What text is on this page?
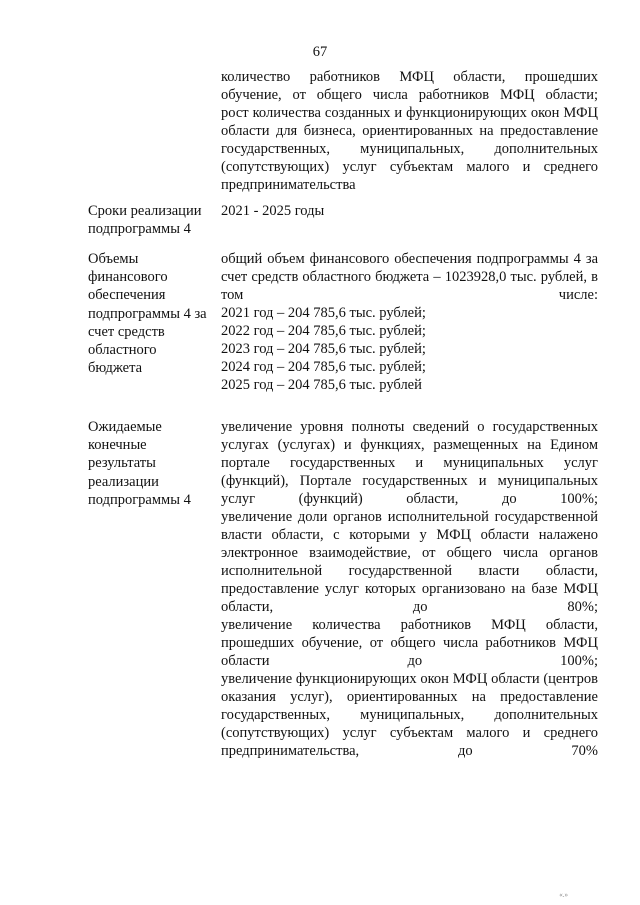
67

количество работников МФЦ области, прошедших обучение, от общего числа работников МФЦ области;

рост количества созданных и функционирующих окон МФЦ области для бизнеса, ориентированных на предоставление государственных, муниципальных, дополнительных (сопутствующих) услуг субъектам малого и среднего предпринимательства

Сроки реализации
подпрограммы 4
2021 - 2025 годы
Объемы
финансового
обеспечения
подпрограммы 4 за
счет средств
областного
бюджета

общий объем финансового обеспечения подпрограммы 4 за счет средств областного бюджета – 1023928,0 тыс. рублей, в том числе:

2021 год – 204 785,6 тыс. рублей;
2022 год – 204 785,6 тыс. рублей;
2023 год – 204 785,6 тыс. рублей;
2024 год – 204 785,6 тыс. рублей;
2025 год – 204 785,6 тыс. рублей
Ожидаемые
конечные
результаты
реализации
подпрограммы 4

увеличение уровня полноты сведений о государственных услугах (услугах) и функциях, размещенных на Едином портале государственных и муниципальных услуг (функций), Портале государственных и муниципальных услуг (функций) области, до 100%;

увеличение доли органов исполнительной государственной власти области, с которыми у МФЦ области налажено электронное взаимодействие, от общего числа органов исполнительной государственной власти области, предоставление услуг которых организовано на базе МФЦ области, до 80%;

увеличение количества работников МФЦ области, прошедших обучение, от общего числа работников МФЦ области до 100%;

увеличение функционирующих окон МФЦ области (центров оказания услуг), ориентированных на предоставление государственных, муниципальных, дополнительных (сопутствующих) услуг субъектам малого и среднего предпринимательства, до 70%

«.»
